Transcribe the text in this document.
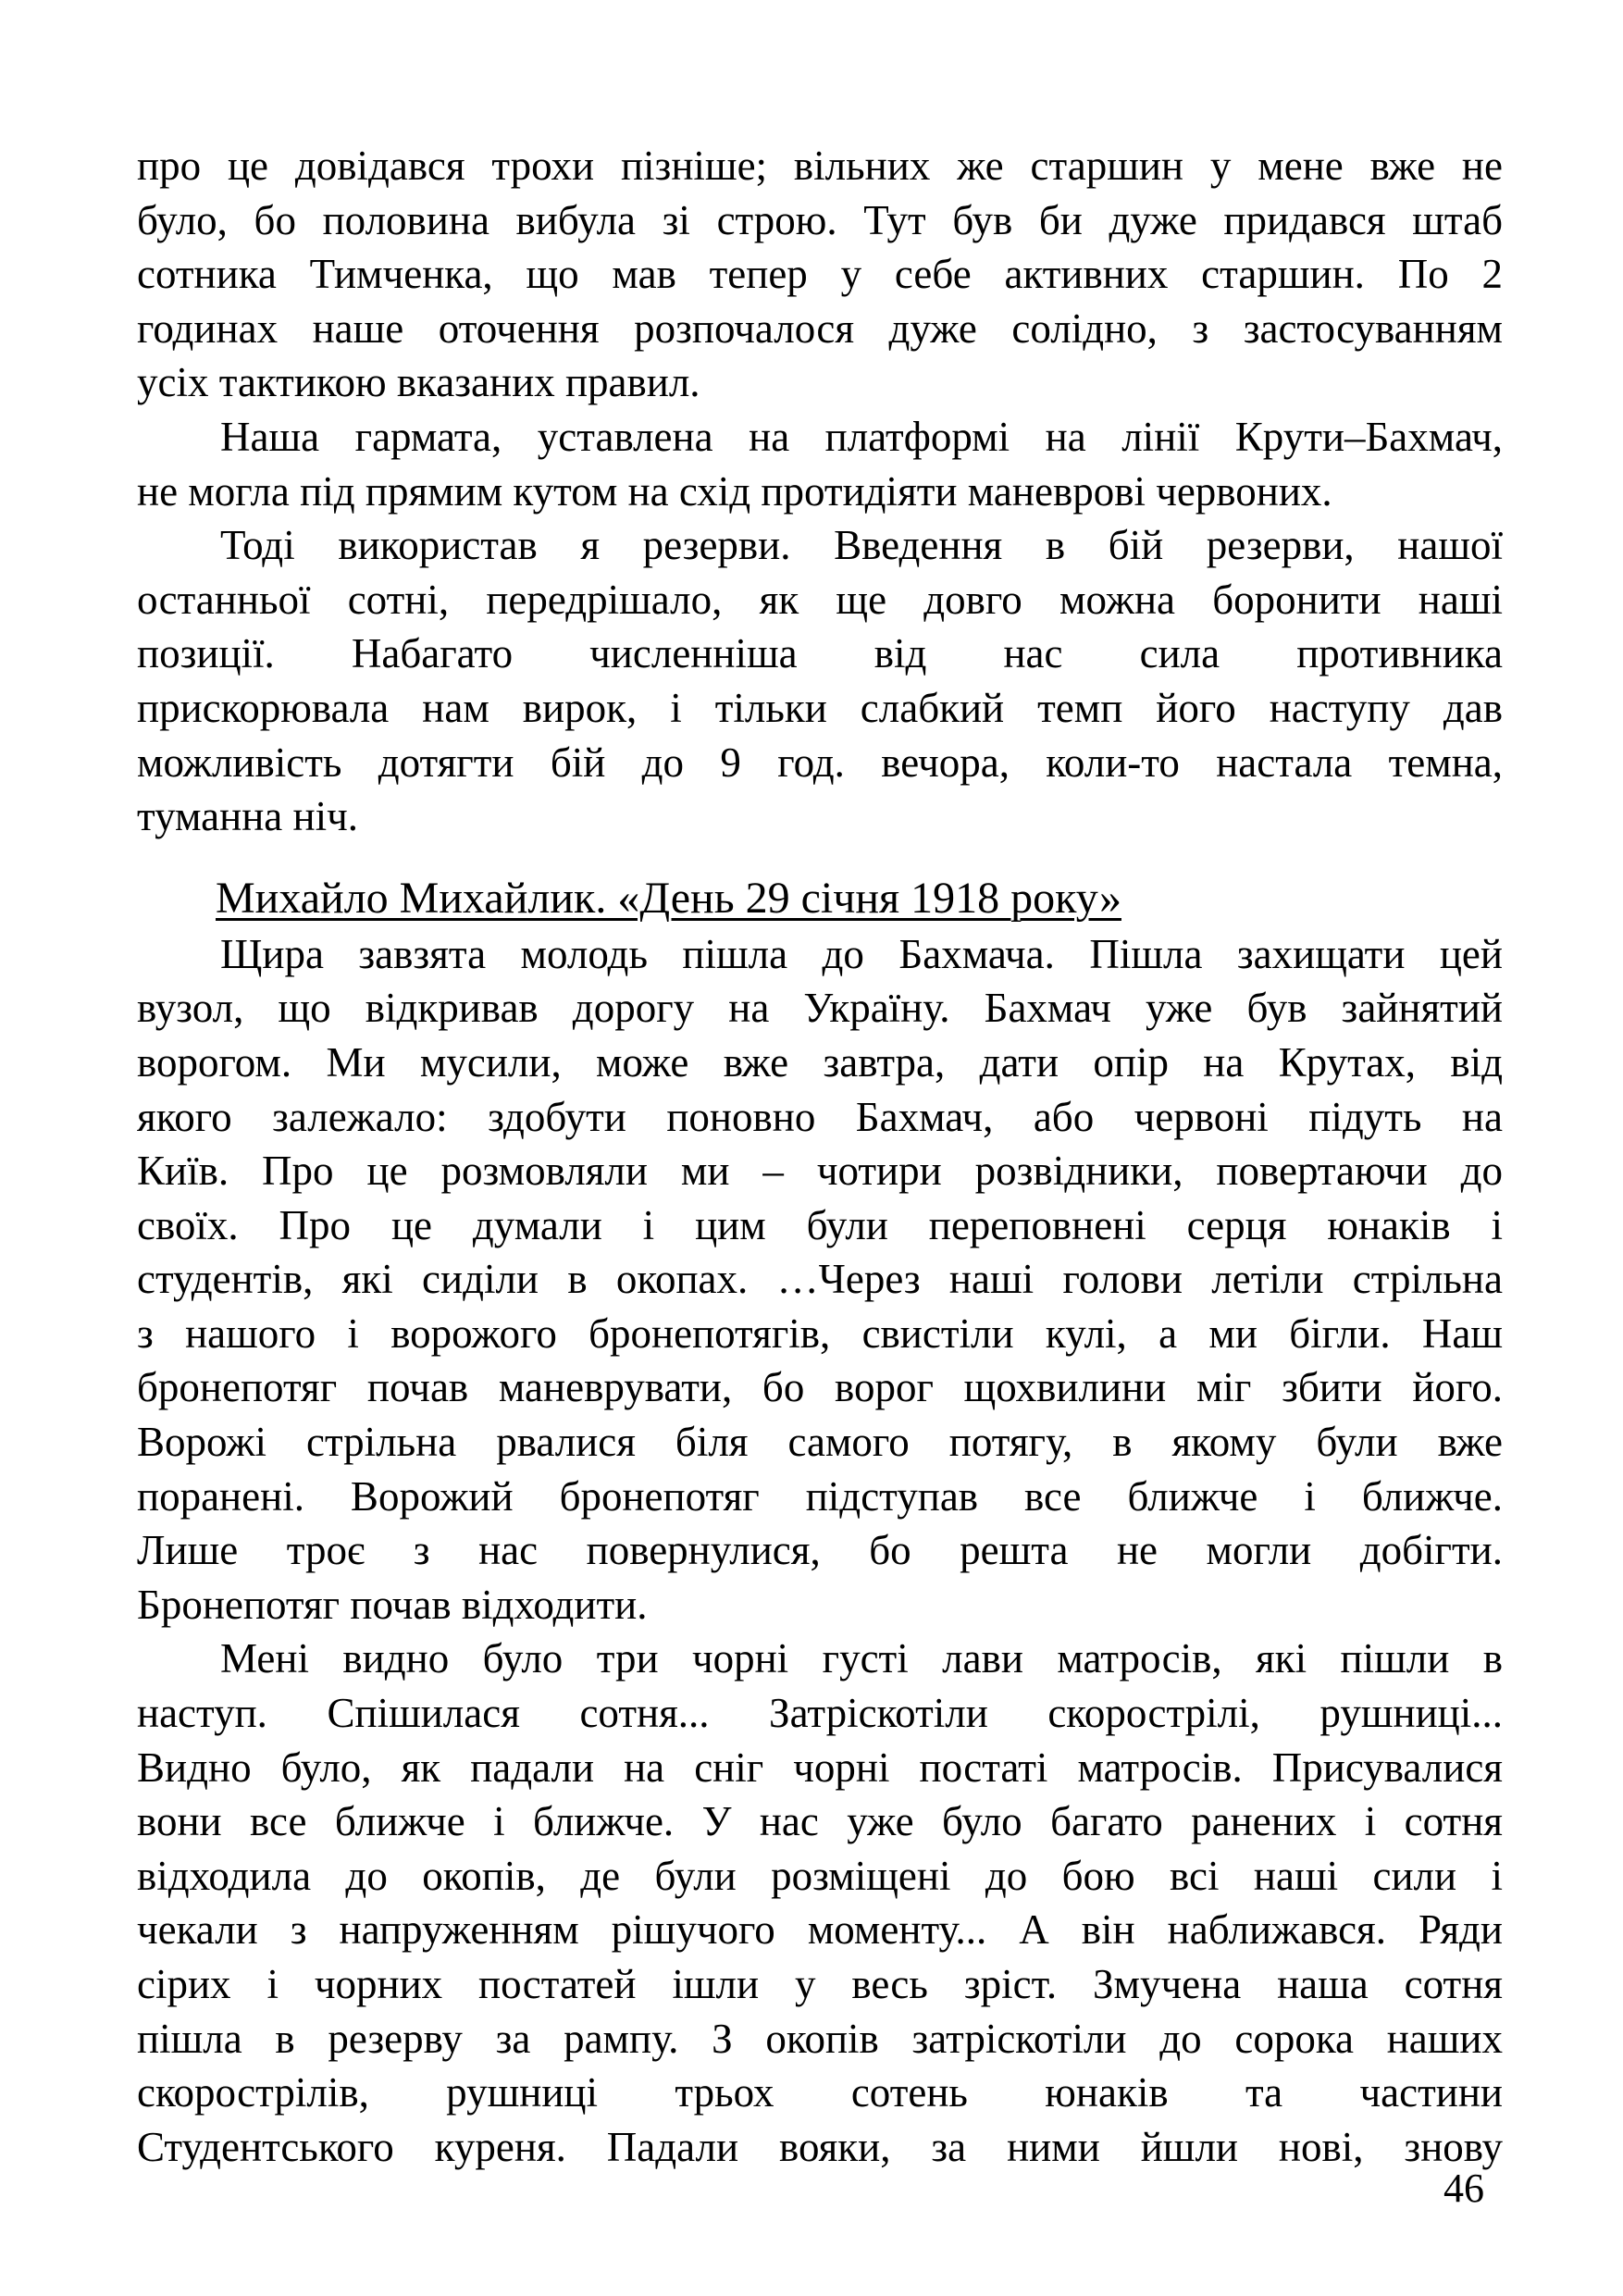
про це довідався трохи пізніше; вільних же старшин у мене вже не
було, бо половина вибула зі строю. Тут був би дуже придався штаб
сотника Тимченка, що мав тепер у себе активних старшин. По 2
годинах наше оточення розпочалося дуже солідно, з застосуванням
усіх тактикою вказаних правил.
Наша гармата, уставлена на платформі на лінії Крути–Бахмач,
не могла під прямим кутом на схід протидіяти маневрові червоних.
Тоді використав я резерви. Введення в бій резерви, нашої
останньої сотні, передрішало, як ще довго можна боронити наші
позиції. Набагато численніша від нас сила противника
прискорювала нам вирок, і тільки слабкий темп його наступу дав
можливість дотягти бій до 9 год. вечора, коли-то настала темна,
туманна ніч.
Михайло Михайлик. «День 29 січня 1918 року»
Щира завзята молодь пішла до Бахмача. Пішла захищати цей
вузол, що відкривав дорогу на Україну. Бахмач уже був зайнятий
ворогом. Ми мусили, може вже завтра, дати опір на Крутах, від
якого залежало: здобути поновно Бахмач, або червоні підуть на
Київ. Про це розмовляли ми – чотири розвідники, повертаючи до
своїх. Про це думали і цим були переповнені серця юнаків і
студентів, які сиділи в окопах. …Через наші голови летіли стрільна
з нашого і ворожого бронепотягів, свистіли кулі, а ми бігли. Наш
бронепотяг почав маневрувати, бо ворог щохвилини міг збити його.
Ворожі стрільна рвалися біля самого потягу, в якому були вже
поранені. Ворожий бронепотяг підступав все ближче і ближче.
Лише троє з нас повернулися, бо решта не могли добігти.
Бронепотяг почав відходити.
Мені видно було три чорні густі лави матросів, які пішли в
наступ. Спішилася сотня... Затріскотіли скорострілі, рушниці...
Видно було, як падали на сніг чорні постаті матросів. Присувалися
вони все ближче і ближче. У нас уже було багато ранених і сотня
відходила до окопів, де були розміщені до бою всі наші сили і
чекали з напруженням рішучого моменту... А він наближався. Ряди
сірих і чорних постатей ішли у весь зріст. Змучена наша сотня
пішла в резерву за рампу. З окопів затріскотіли до сорока наших
скорострілів, рушниці трьох сотень юнаків та частини
Студентського куреня. Падали вояки, за ними йшли нові, знову
46
